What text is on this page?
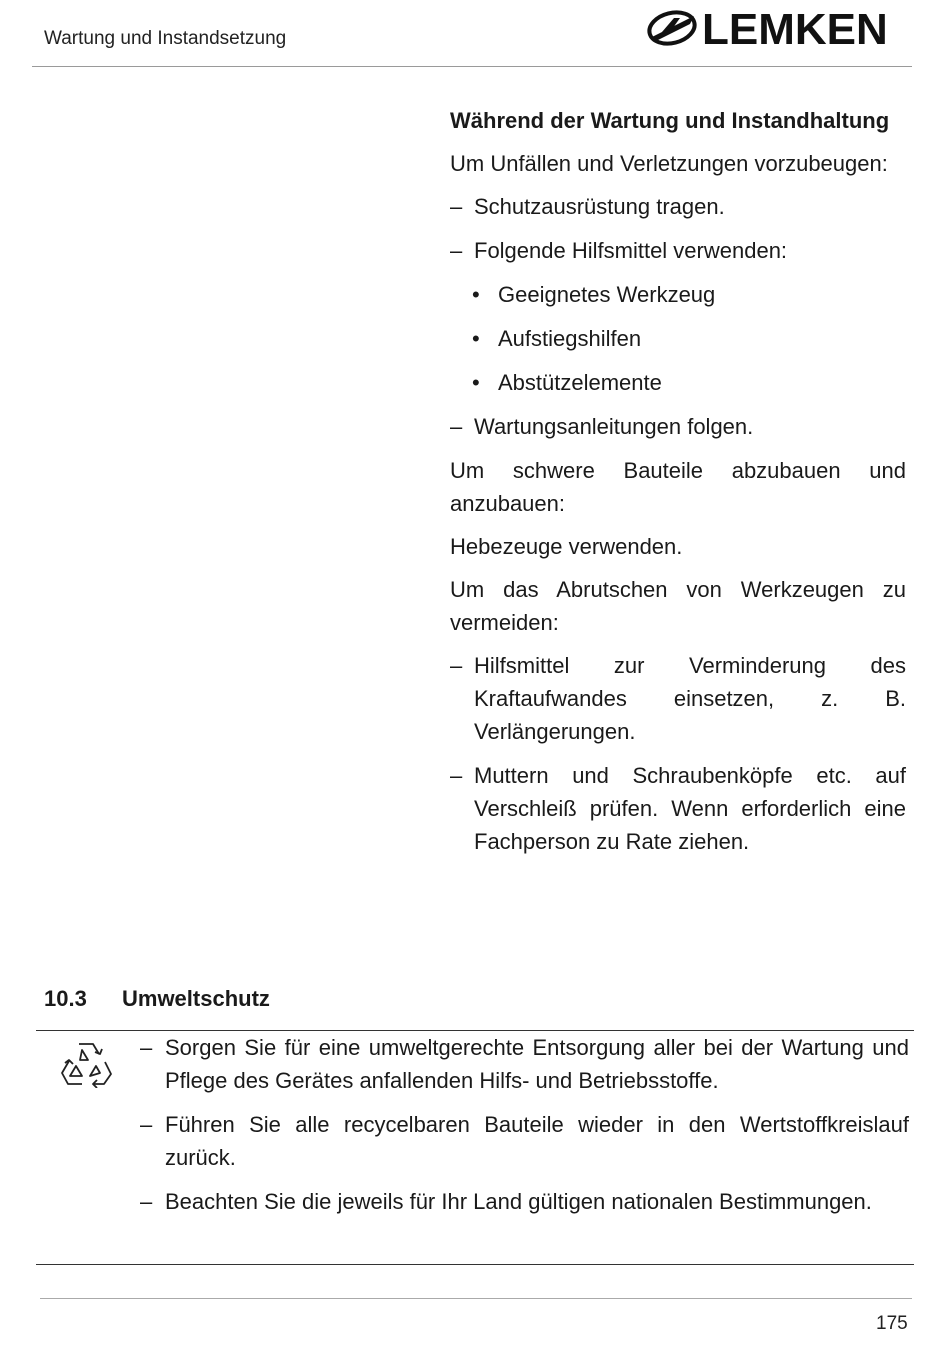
Wartung und Instandsetzung	LEMKEN

Während der Wartung und Instandhaltung

Um Unfällen und Verletzungen vorzubeugen:

– Schutzausrüstung tragen.
– Folgende Hilfsmittel verwenden:
• Geeignetes Werkzeug
• Aufstiegshilfen
• Abstützelemente
– Wartungsanleitungen folgen.

Um schwere Bauteile abzubauen und anzubauen:

Hebezeuge verwenden.

Um das Abrutschen von Werkzeugen zu vermeiden:

– Hilfsmittel zur Verminderung des Kraftaufwandes einsetzen, z. B. Verlängerungen.
– Muttern und Schraubenköpfe etc. auf Verschleiß prüfen. Wenn erforderlich eine Fachperson zu Rate ziehen.
10.3 Umweltschutz
– Sorgen Sie für eine umweltgerechte Entsorgung aller bei der Wartung und Pflege des Gerätes anfallenden Hilfs- und Betriebsstoffe.
– Führen Sie alle recycelbaren Bauteile wieder in den Wertstoffkreislauf zurück.
– Beachten Sie die jeweils für Ihr Land gültigen nationalen Bestimmungen.
175
